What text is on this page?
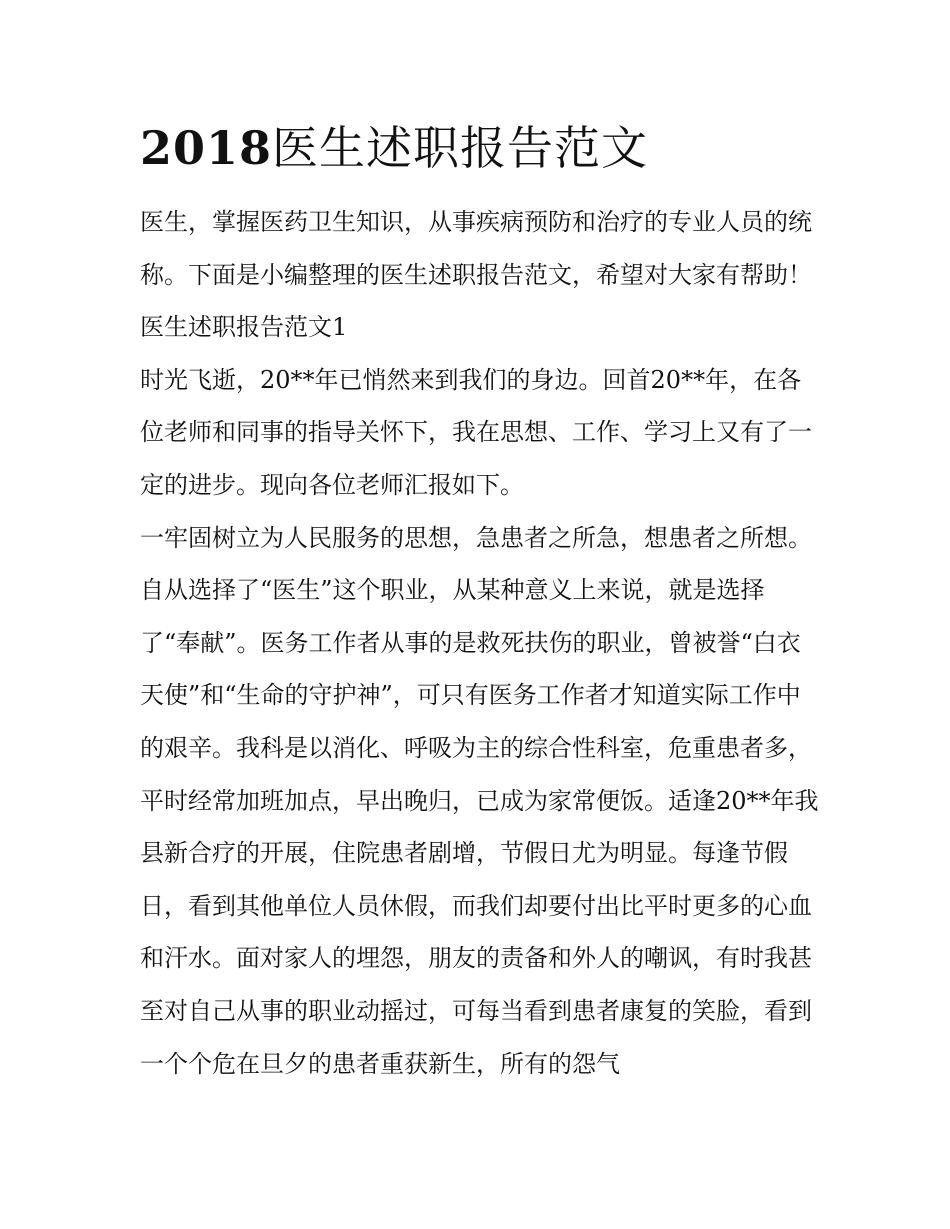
2018医生述职报告范文

医生，掌握医药卫生知识，从事疾病预防和治疗的专业人员的统称。下面是小编整理的医生述职报告范文，希望对大家有帮助！ 医生述职报告范文1

时光飞逝，20**年已悄然来到我们的身边。回首20**年，在各位老师和同事的指导关怀下，我在思想、工作、学习上又有了一定的进步。现向各位老师汇报如下。

一牢固树立为人民服务的思想，急患者之所急，想患者之所想。

自从选择了“医生”这个职业，从某种意义上来说，就是选择了“奉献”。医务工作者从事的是救死扶伤的职业，曾被誉“白衣天使”和“生命的守护神”，可只有医务工作者才知道实际工作中的艰辛。我科是以消化、呼吸为主的综合性科室，危重患者多，平时经常加班加点，早出晚归，已成为家常便饭。适逢20**年我县新合疗的开展，住院患者剧增，节假日尤为明显。每逢节假日，看到其他单位人员休假，而我们却要付出比平时更多的心血和汗水。面对家人的埋怨，朋友的责备和外人的嘲讽，有时我甚至对自己从事的职业动摇过，可每当看到患者康复的笑脸，看到一个个危在旦夕的患者重获新生，所有的怨气
